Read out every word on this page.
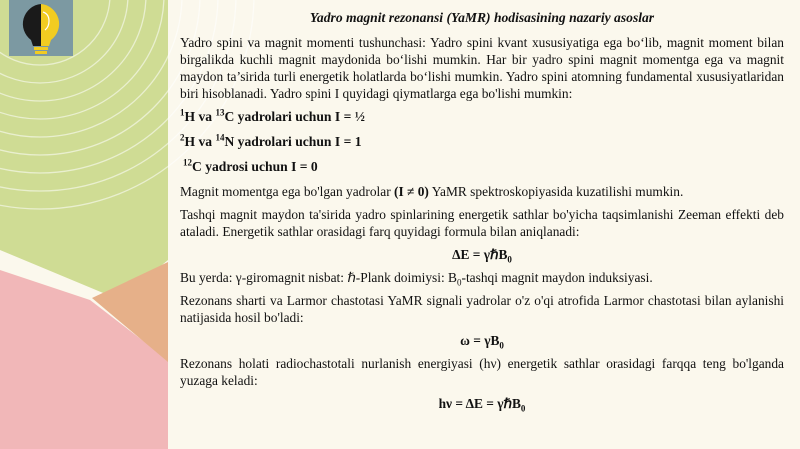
Yadro magnit rezonansi (YaMR) hodisasining nazariy asoslar

Yadro spini va magnit momenti tushunchasi: Yadro spini kvant xususiyatiga ega bo‘lib, magnit moment bilan birgalikda kuchli magnit maydonida bo‘lishi mumkin. Har bir yadro spini magnit momentga ega va magnit maydon ta’sirida turli energetik holatlarda bo‘lishi mumkin. Yadro spini atomning fundamental xususiyatlaridan biri hisoblanadi. Yadro spini I quyidagi qiymatlarga ega bo'lishi mumkin:

$^1$H va $^{13}$C yadrolari uchun I = ½
$^2$H va $^{14}$N yadrolari uchun I = 1
$^{12}$C yadrosi uchun I = 0

Magnit momentga ega bo'lgan yadrolar (I ≠ 0) YaMR spektroskopiyasida kuzatilishi mumkin.

Tashqi magnit maydon ta'sirida yadro spinlarining energetik sathlar bo'yicha taqsimlanishi Zeeman effekti deb ataladi. Energetik sathlar orasidagi farq quyidagi formula bilan aniqlanadi:

ΔE = γℏB$_0$

Bu yerda: γ-giromagnit nisbat: ℏ-Plank doimiysi: $B_0$-tashqi magnit maydon induksiyasi.

Rezonans sharti va Larmor chastotasi YaMR signali yadrolar o'z o'qi atrofida Larmor chastotasi bilan aylanishi natijasida hosil bo'ladi:

$\omega = \gamma B_0$

Rezonans holati radiochastotali nurlanish energiyasi (hν) energetik sathlar orasidagi farqqa teng bo'lganda yuzaga keladi:

hν = ΔE = γℏB$_0$
